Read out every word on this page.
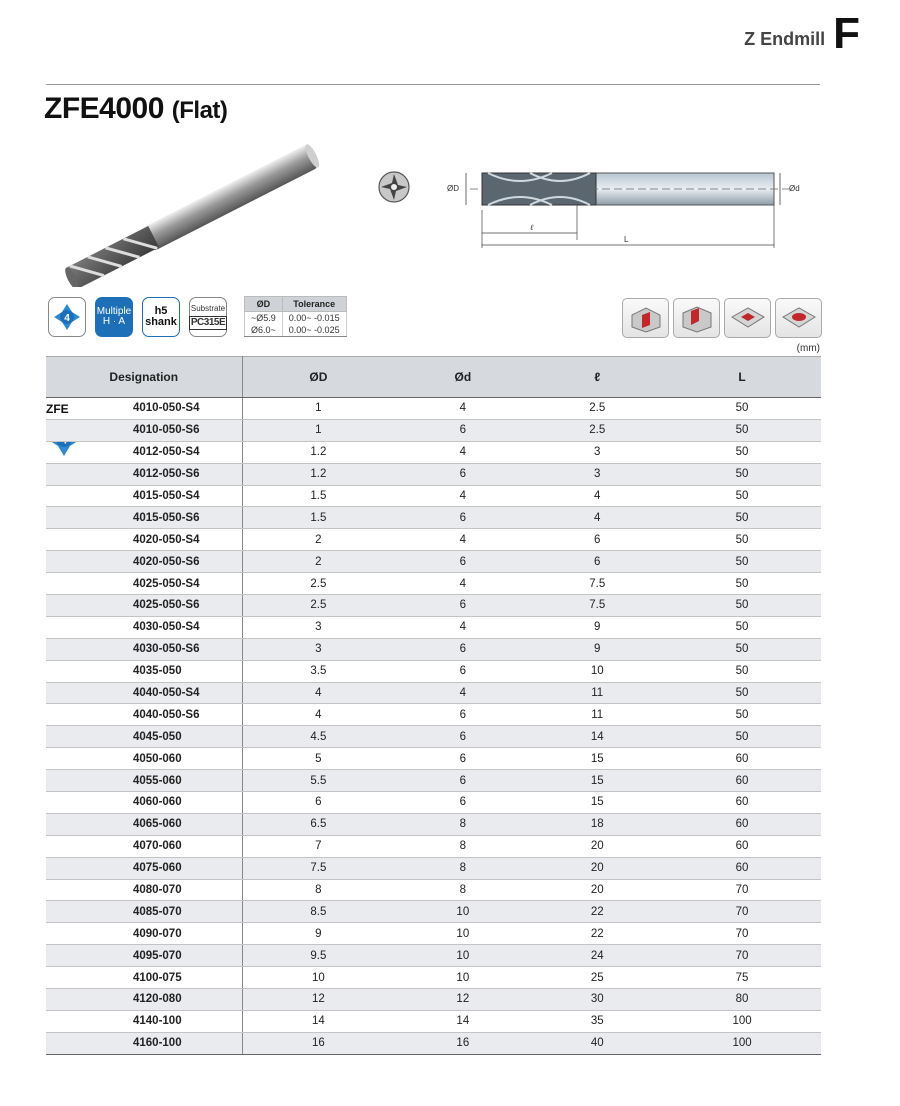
Z Endmill F
ZFE4000 (Flat)
ØD	Ød
ℓ
L
4
Multiple
H · A
h5
shank
Substrate
PC315E
ØD	Tolerance
~Ø5.9	0.00~ -0.015
Ø6.0~	0.00~ -0.025
(mm)
ZFE
Designation	ØD	Ød	ℓ	L
4010-050-S4	1	4	2.5	50
4010-050-S6	1	6	2.5	50
4012-050-S4	1.2	4	3	50
4012-050-S6	1.2	6	3	50
4015-050-S4	1.5	4	4	50
4015-050-S6	1.5	6	4	50
4020-050-S4	2	4	6	50
4020-050-S6	2	6	6	50
4025-050-S4	2.5	4	7.5	50
4025-050-S6	2.5	6	7.5	50
4030-050-S4	3	4	9	50
4030-050-S6	3	6	9	50
4035-050	3.5	6	10	50
4040-050-S4	4	4	11	50
4040-050-S6	4	6	11	50
4045-050	4.5	6	14	50
4050-060	5	6	15	60
4055-060	5.5	6	15	60
4060-060	6	6	15	60
4065-060	6.5	8	18	60
4070-060	7	8	20	60
4075-060	7.5	8	20	60
4080-070	8	8	20	70
4085-070	8.5	10	22	70
4090-070	9	10	22	70
4095-070	9.5	10	24	70
4100-075	10	10	25	75
4120-080	12	12	30	80
4140-100	14	14	35	100
4160-100	16	16	40	100
